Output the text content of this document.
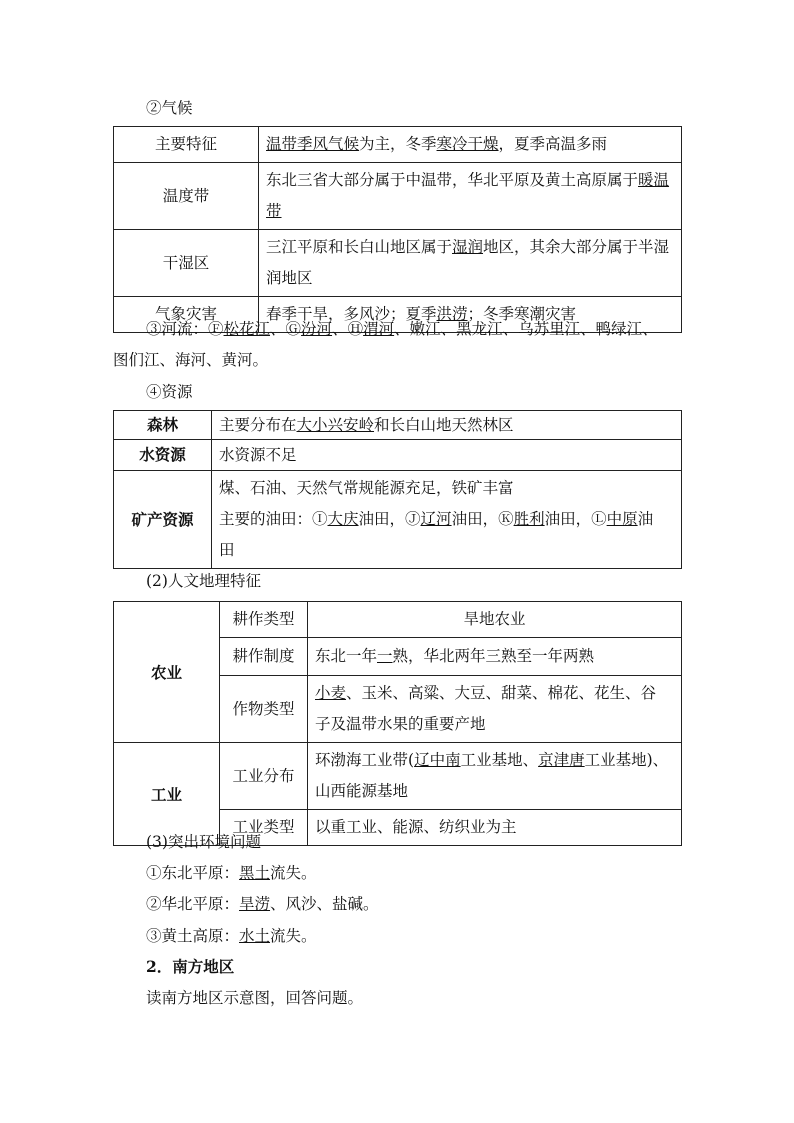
②气候
主要特征	温带季风气候为主，冬季寒冷干燥，夏季高温多雨
温度带	东北三省大部分属于中温带，华北平原及黄土高原属于暖温带
干湿区	三江平原和长白山地区属于湿润地区，其余大部分属于半湿润地区
气象灾害	春季干旱，多风沙；夏季洪涝；冬季寒潮灾害
③河流：Ⓕ松花江、Ⓖ汾河、Ⓗ渭河、嫩江、黑龙江、乌苏里江、鸭绿江、
图们江、海河、黄河。
④资源
森林	主要分布在大小兴安岭和长白山地天然林区
水资源	水资源不足
矿产资源	煤、石油、天然气常规能源充足，铁矿丰富
主要的油田：Ⓘ大庆油田，Ⓙ辽河油田，Ⓚ胜利油田，Ⓛ中原油
田
(2)人文地理特征
农业	耕作类型	旱地农业
	耕作制度	东北一年一熟，华北两年三熟至一年两熟
	作物类型	小麦、玉米、高粱、大豆、甜菜、棉花、花生、谷
子及温带水果的重要产地

工业	工业分布	环渤海工业带(辽中南工业基地、京津唐工业基地)、
山西能源基地

	工业类型	以重工业、能源、纺织业为主
(3)突出环境问题
①东北平原：黑土流失。
②华北平原：旱涝、风沙、盐碱。
③黄土高原：水土流失。
2．南方地区
读南方地区示意图，回答问题。
